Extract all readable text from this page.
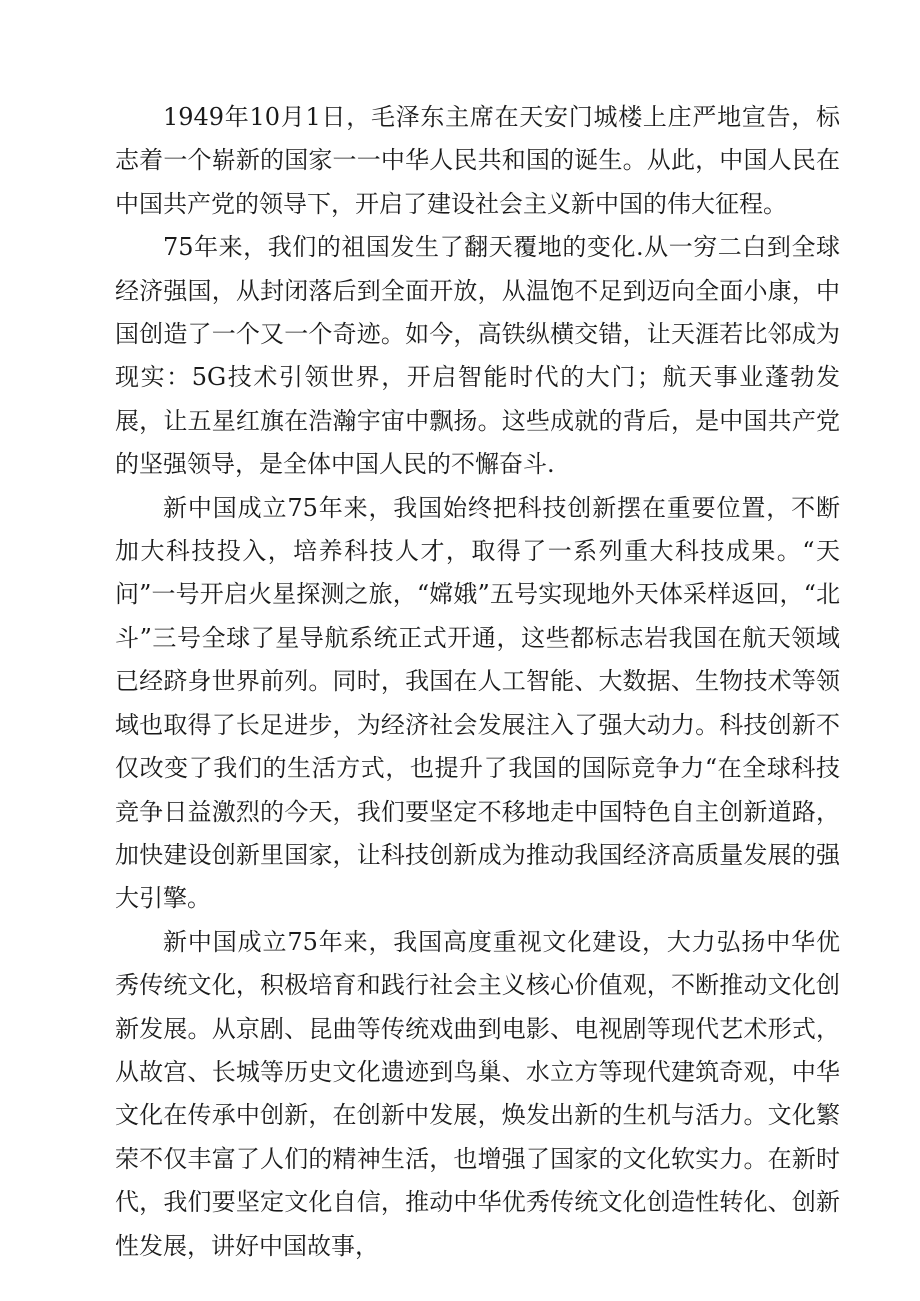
1949年10月1日，毛泽东主席在天安门城楼上庄严地宣告，标志着一个崭新的国家一一中华人民共和国的诞生。从此，中国人民在中国共产党的领导下，开启了建设社会主义新中国的伟大征程。

75年来，我们的祖国发生了翻天覆地的变化.从一穷二白到全球经济强国，从封闭落后到全面开放，从温饱不足到迈向全面小康，中国创造了一个又一个奇迹。如今，高铁纵横交错，让天涯若比邻成为现实：5G技术引领世界，开启智能时代的大门；航天事业蓬勃发展，让五星红旗在浩瀚宇宙中飘扬。这些成就的背后，是中国共产党的坚强领导，是全体中国人民的不懈奋斗.

新中国成立75年来，我国始终把科技创新摆在重要位置，不断加大科技投入，培养科技人才，取得了一系列重大科技成果。“天问”一号开启火星探测之旅，“嫦娥”五号实现地外天体采样返回，“北斗”三号全球了星导航系统正式开通，这些都标志岩我国在航天领域已经跻身世界前列。同时，我国在人工智能、大数据、生物技术等领域也取得了长足进步，为经济社会发展注入了强大动力。科技创新不仅改变了我们的生活方式，也提升了我国的国际竞争力“在全球科技竞争日益激烈的今天，我们要坚定不移地走中国特色自主创新道路，加快建设创新里国家，让科技创新成为推动我国经济高质量发展的强大引擎。

新中国成立75年来，我国高度重视文化建设，大力弘扬中华优秀传统文化，积极培育和践行社会主义核心价值观，不断推动文化创新发展。从京剧、昆曲等传统戏曲到电影、电视剧等现代艺术形式，从故宫、长城等历史文化遗迹到鸟巢、水立方等现代建筑奇观，中华文化在传承中创新，在创新中发展，焕发出新的生机与活力。文化繁荣不仅丰富了人们的精神生活，也增强了国家的文化软实力。在新时代，我们要坚定文化自信，推动中华优秀传统文化创造性转化、创新性发展，讲好中国故事，
